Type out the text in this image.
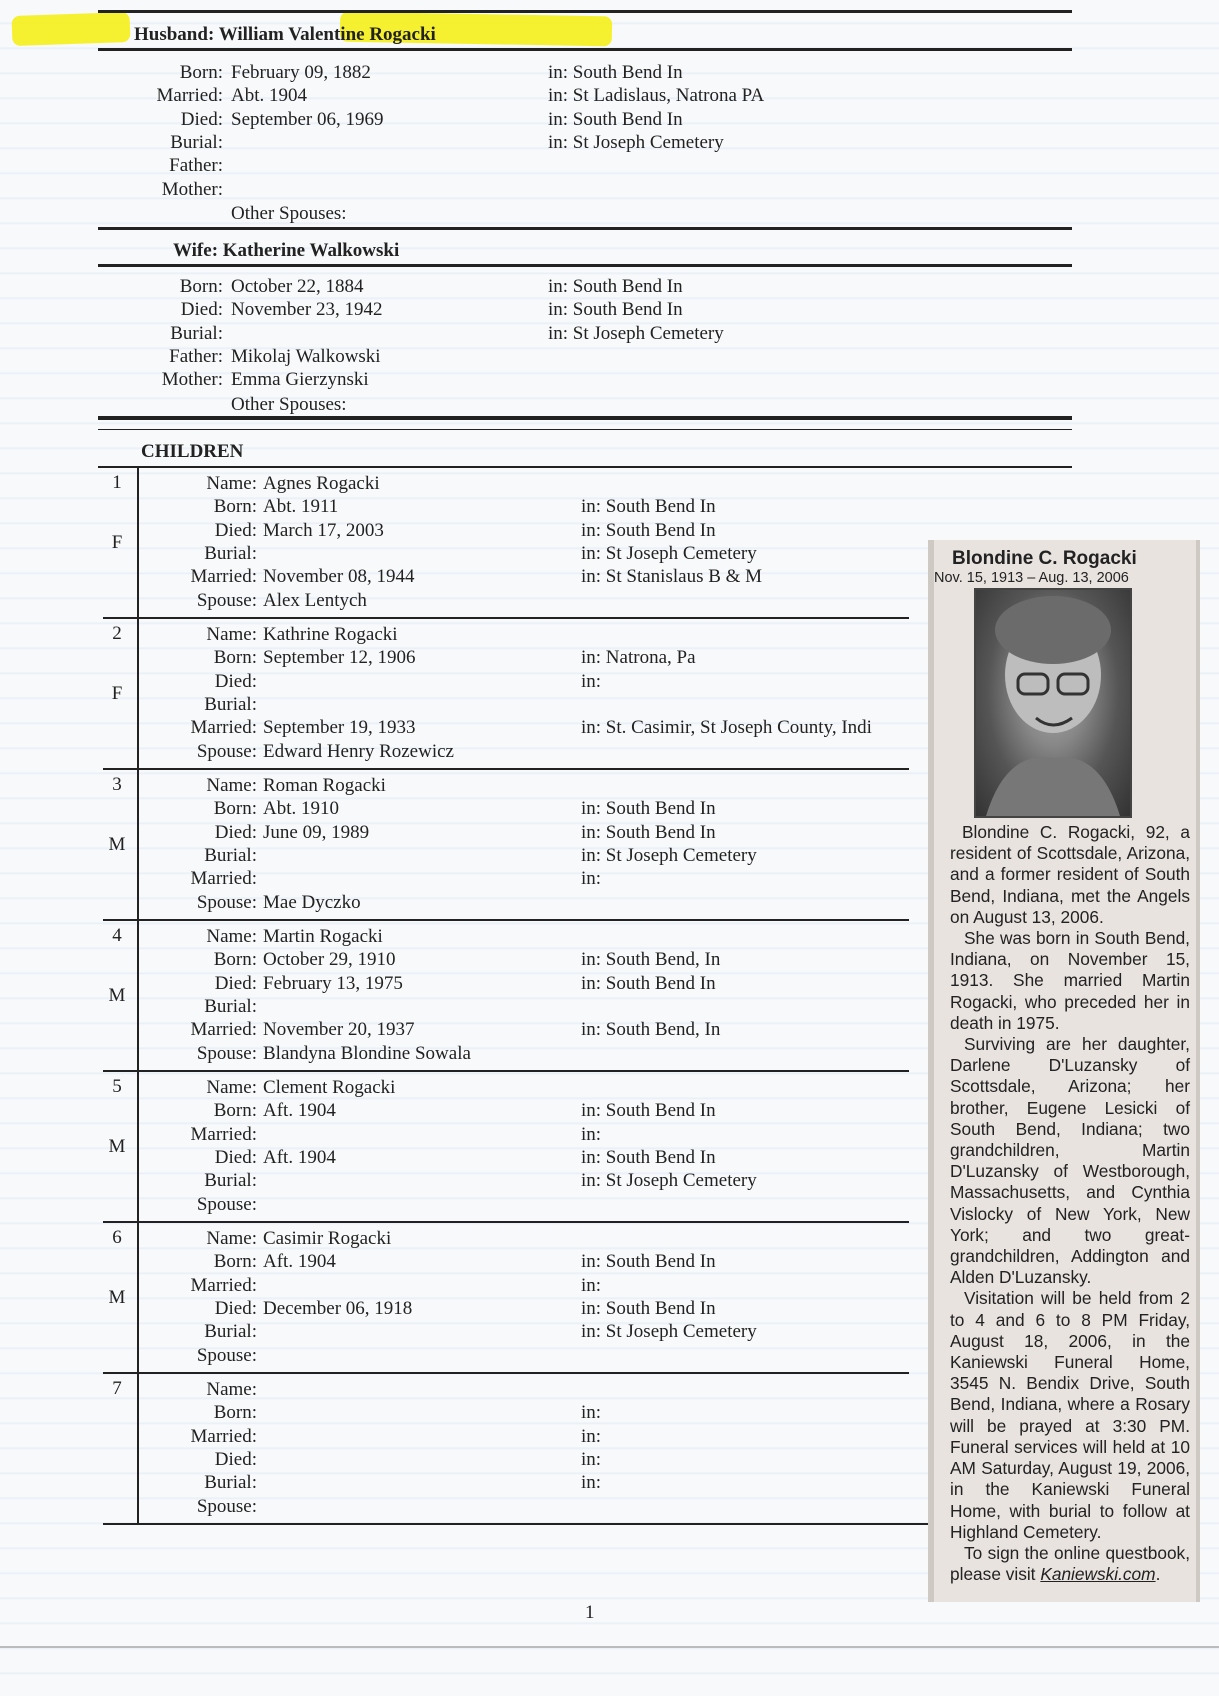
Husband: William Valentine Rogacki
Born: February 09, 1882	in: South Bend In
Married: Abt. 1904	in: St Ladislaus, Natrona PA
Died: September 06, 1969	in: South Bend In
Burial:	in: St Joseph Cemetery
Father:
Mother:
Other Spouses:
Wife: Katherine Walkowski
Born: October 22, 1884	in: South Bend In
Died: November 23, 1942	in: South Bend In
Burial:	in: St Joseph Cemetery
Father: Mikolaj Walkowski
Mother: Emma Gierzynski
Other Spouses:
CHILDREN
1
F
Name: Agnes Rogacki
Born: Abt. 1911	in: South Bend In
Died: March 17, 2003	in: South Bend In
Burial:	in: St Joseph Cemetery
Married: November 08, 1944	in: St Stanislaus B & M
Spouse: Alex Lentych
2
F
Name: Kathrine Rogacki
Born: September 12, 1906	in: Natrona, Pa
Died:	in:
Burial:
Married: September 19, 1933	in: St. Casimir, St Joseph County, Indi
Spouse: Edward Henry Rozewicz
3
M
Name: Roman Rogacki
Born: Abt. 1910	in: South Bend In
Died: June 09, 1989	in: South Bend In
Burial:	in: St Joseph Cemetery
Married:	in:
Spouse: Mae Dyczko
4
M
Name: Martin Rogacki
Born: October 29, 1910	in: South Bend, In
Died: February 13, 1975	in: South Bend In
Burial:
Married: November 20, 1937	in: South Bend, In
Spouse: Blandyna Blondine Sowala
5
M
Name: Clement Rogacki
Born: Aft. 1904	in: South Bend In
Married:	in:
Died: Aft. 1904	in: South Bend In
Burial:	in: St Joseph Cemetery
Spouse:
6
M
Name: Casimir Rogacki
Born: Aft. 1904	in: South Bend In
Married:	in:
Died: December 06, 1918	in: South Bend In
Burial:	in: St Joseph Cemetery
Spouse:
7	Name:
Born:	in:
Married:	in:
Died:	in:
Burial:	in:
Spouse:
Blondine C. Rogacki
Nov. 15, 1913 – Aug. 13, 2006

Blondine C. Rogacki, 92, a resident of Scottsdale, Arizona, and a former resident of South Bend, Indiana, met the Angels on August 13, 2006.

She was born in South Bend, Indiana, on November 15, 1913. She married Martin Rogacki, who preceded her in death in 1975.

Surviving are her daughter, Darlene D'Luzansky of Scottsdale, Arizona; her brother, Eugene Lesicki of South Bend, Indiana; two grandchildren, Martin D'Luzansky of Westborough, Massachusetts, and Cynthia Vislocky of New York, New York; and two great-grandchildren, Addington and Alden D'Luzansky.

Visitation will be held from 2 to 4 and 6 to 8 PM Friday, August 18, 2006, in the Kaniewski Funeral Home, 3545 N. Bendix Drive, South Bend, Indiana, where a Rosary will be prayed at 3:30 PM. Funeral services will held at 10 AM Saturday, August 19, 2006, in the Kaniewski Funeral Home, with burial to follow at Highland Cemetery.

To sign the online questbook, please visit Kaniewski.com.

1
